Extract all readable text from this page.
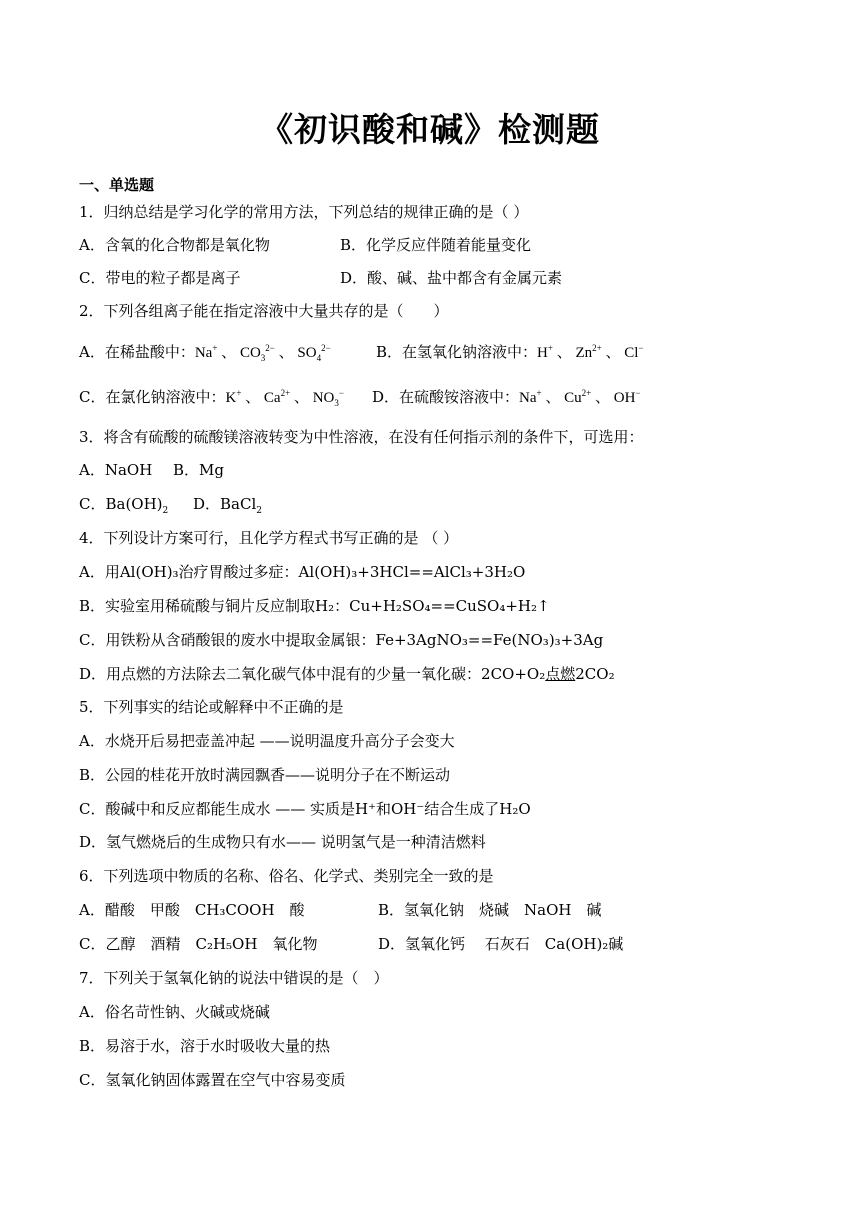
《初识酸和碱》检测题
一、单选题
1．归纳总结是学习化学的常用方法，下列总结的规律正确的是（ ）
A．含氧的化合物都是氧化物	B．化学反应伴随着能量变化
C．带电的粒子都是离子	D．酸、碱、盐中都含有金属元素
2．下列各组离子能在指定溶液中大量共存的是（　　）
A．在稀盐酸中：Na+ 、 $CO_3^{2-}$ 、 $SO_4^{2-}$	B．在氢氧化钠溶液中：H+ 、 $Zn^{2+}$ 、 Cl−
C．在氯化钠溶液中：K+ 、 $Ca^{2+}$ 、 $NO_3^-$ D．在硫酸铵溶液中：Na+ 、 $Cu^{2+}$ 、 OH−
3．将含有硫酸的硫酸镁溶液转变为中性溶液，在没有任何指示剂的条件下，可选用：
A．NaOH B．Mg
C．$Ba(OH)_2$ D．BaCl$_2$
4．下列设计方案可行，且化学方程式书写正确的是 （ ）
A．用Al(OH)₃治疗胃酸过多症：Al(OH)₃+3HCl==AlCl₃+3H₂O
B．实验室用稀硫酸与铜片反应制取H₂：Cu+H₂SO₄==CuSO₄+H₂↑
C．用铁粉从含硝酸银的废水中提取金属银：Fe+3AgNO₃==Fe(NO₃)₃+3Ag
D．用点燃的方法除去二氧化碳气体中混有的少量一氧化碳：2CO+O₂点燃2CO₂
5．下列事实的结论或解释中不正确的是
A．水烧开后易把壶盖冲起 ——说明温度升高分子会变大
B．公园的桂花开放时满园飘香——说明分子在不断运动
C．酸碱中和反应都能生成水 —— 实质是H⁺和OH⁻结合生成了H₂O
D．氢气燃烧后的生成物只有水—— 说明氢气是一种清洁燃料
6．下列选项中物质的名称、俗名、化学式、类别完全一致的是
A．醋酸　甲酸　CH₃COOH　酸	B．氢氧化钠　烧碱　NaOH　碱
C．乙醇　酒精　C₂H₅OH　氧化物	D．氢氧化钙　 石灰石　Ca(OH)₂碱
7．下列关于氢氧化钠的说法中错误的是（　）
A．俗名苛性钠、火碱或烧碱
B．易溶于水，溶于水时吸收大量的热
C．氢氧化钠固体露置在空气中容易变质
